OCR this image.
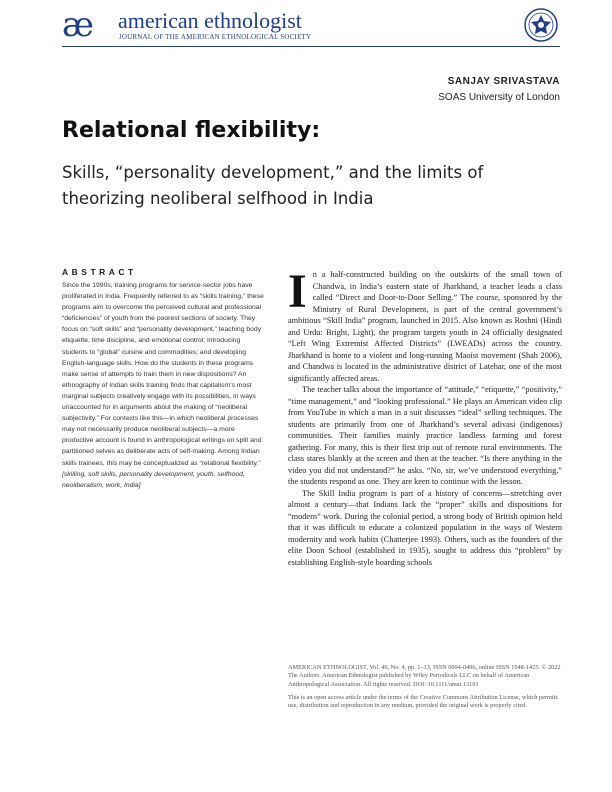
æ american ethnologist
JOURNAL OF THE AMERICAN ETHNOLOGICAL SOCIETY
SANJAY SRIVASTAVA
SOAS University of London
Relational flexibility:
Skills, “personality development,” and the limits of theorizing neoliberal selfhood in India
ABSTRACT
Since the 1990s, training programs for service-sector jobs have proliferated in India. Frequently referred to as “skills training,” these programs aim to overcome the perceived cultural and professional “deficiencies” of youth from the poorest sections of society. They focus on “soft skills” and “personality development,” teaching body etiquette, time discipline, and emotional control; introducing students to “global” cuisine and commodities; and developing English-language skills. How do the students in these programs make sense of attempts to train them in new dispositions? An ethnography of Indian skills training finds that capitalism’s most marginal subjects creatively engage with its possibilities, in ways unaccounted for in arguments about the making of “neoliberal subjectivity.” For contexts like this—in which neoliberal processes may not necessarily produce neoliberal subjects—a more productive account is found in anthropological writings on split and partitioned selves as deliberate acts of self-making. Among Indian skills trainees, this may be conceptualized as “relational flexibility.” [skilling, soft skills, personality development, youth, selfhood, neoliberalism, work, India]

I n a half-constructed building on the outskirts of the small town of Chandwa, in India’s eastern state of Jharkhand, a teacher leads a class called “Direct and Door-to-Door Selling.” The course, sponsored by the Ministry of Rural Development, is part of the central government’s ambitious “Skill India” program, launched in 2015. Also known as Roshni (Hindi and Urdu: Bright, Light), the program targets youth in 24 officially designated “Left Wing Extremist Affected Districts” (LWEADs) across the country. Jharkhand is home to a violent and long-running Maoist movement (Shah 2006), and Chandwa is located in the administrative district of Latehar, one of the most significantly affected areas.

The teacher talks about the importance of “attitude,” “etiquette,” “positivity,” “time management,” and “looking professional.” He plays an American video clip from YouTube in which a man in a suit discusses “ideal” selling techniques. The students are primarily from one of Jharkhand’s several adivasi (indigenous) communities. Their families mainly practice landless farming and forest gathering. For many, this is their first trip out of remote rural environments. The class stares blankly at the screen and then at the teacher. “Is there anything in the video you did not understand?” he asks. “No, sir, we’ve understood everything,” the students respond as one. They are keen to continue with the lesson.

The Skill India program is part of a history of concerns—stretching over almost a century—that Indians lack the “proper” skills and dispositions for “modern” work. During the colonial period, a strong body of British opinion held that it was difficult to educate a colonized population in the ways of Western modernity and work habits (Chatterjee 1993). Others, such as the founders of the elite Doon School (established in 1935), sought to address this “problem” by establishing English-style boarding schools

AMERICAN ETHNOLOGIST, Vol. 49, No. 4, pp. 1–13, ISSN 0094-0496, online ISSN 1548-1425. © 2022 The Authors. American Ethnologist published by Wiley Periodicals LLC on behalf of American Anthropological Association. All rights reserved. DOI: 10.1111/amet.13101

This is an open access article under the terms of the Creative Commons Attribution License, which permits use, distribution and reproduction in any medium, provided the original work is properly cited.
